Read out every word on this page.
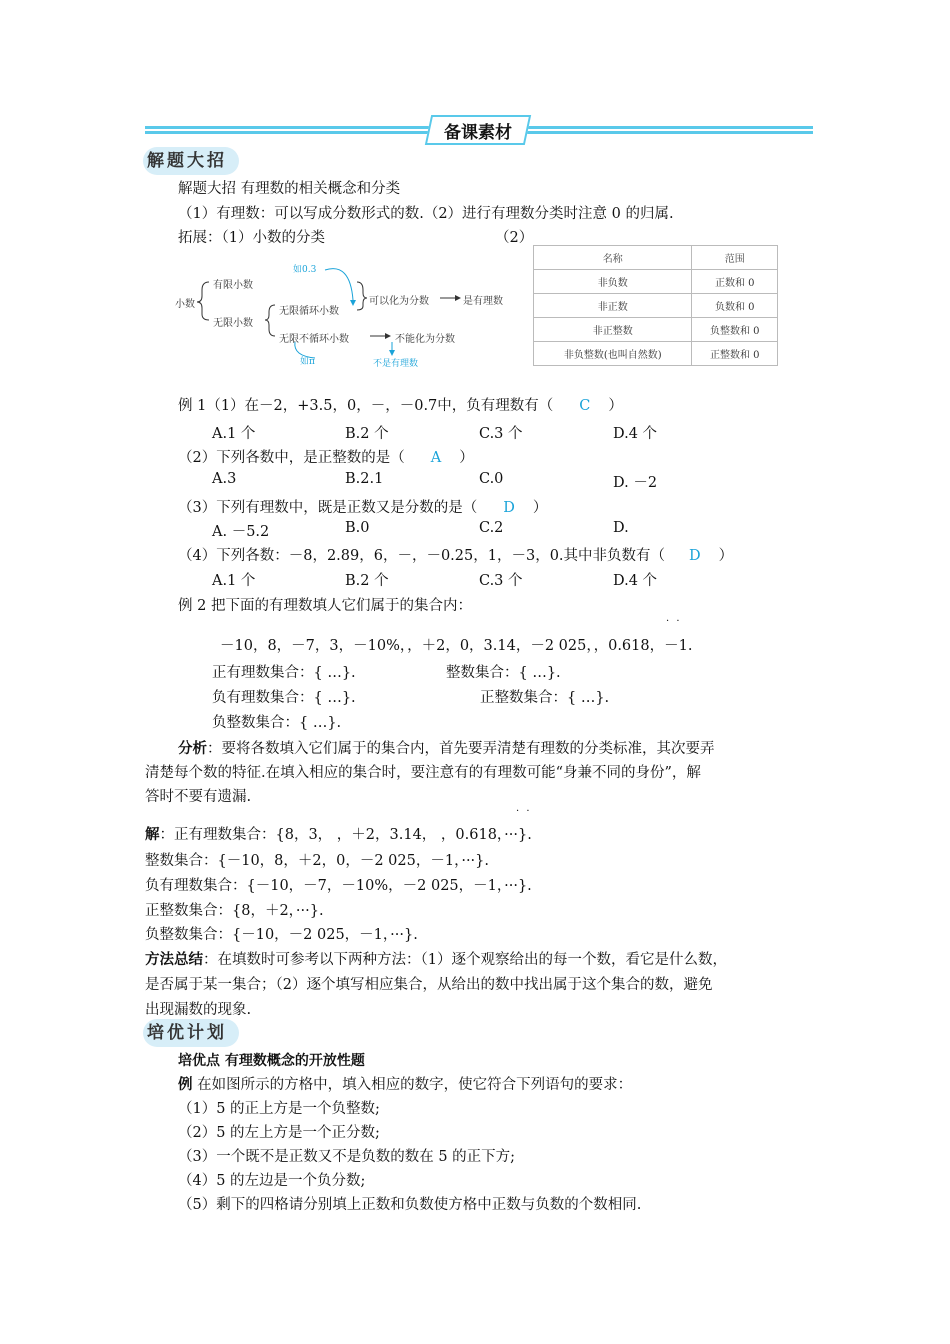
备课素材
解题大招
解题大招 有理数的相关概念和分类
（1）有理数：可以写成分数形式的数.（2）进行有理数分类时注意 0 的归属.
拓展：（1）小数的分类	（2）
小数
有限小数
无限小数
无限循环小数
无限不循环小数
可以化为分数	是有理数
不能化为分数
如0.3
如π	不是有理数
名称	范围
非负数	正数和 0
非正数	负数和 0
非正整数	负整数和 0
非负整数(也叫自然数)	正整数和 0
例 1（1）在－2，+3.5，0，－，－0.7中，负有理数有（ C ）
A.1 个	B.2 个	C.3 个	D.4 个
（2）下列各数中，是正整数的是（ A ）
A.3	B.2.1	C.0	D. －2
（3）下列有理数中，既是正数又是分数的是（ D ）
A. －5.2	B.0	C.2	D.
（4）下列各数：－8，2.89，6，－，－0.25，1，－3，0.其中非负数有（ D ）
A.1 个	B.2 个	C.3 个	D.4 个
例 2 把下面的有理数填人它们属于的集合内：
· ·
－10，8，－7，3，－10%，，＋2，0，3.14，－2 025，，0.618，－1.
正有理数集合：{ …}.	整数集合：{ …}.
负有理数集合：{ …}.	正整数集合：{ …}.
负整数集合：{ …}.
分析：要将各数填入它们属于的集合内，首先要弄清楚有理数的分类标准，其次要弄
清楚每个数的特征.在填入相应的集合时，要注意有的有理数可能“身兼不同的身份”，解
答时不要有遗漏.
· ·
解：正有理数集合：{8，3， ，＋2，3.14， ，0.618，···}.
整数集合：{－10，8，＋2，0，－2 025，－1，···}.
负有理数集合：{－10，－7，－10%，－2 025，－1，···}.
正整数集合：{8，＋2，···}.
负整数集合：{－10，－2 025，－1，···}.
方法总结：在填数时可参考以下两种方法：（1）逐个观察给出的每一个数，看它是什么数，
是否属于某一集合；（2）逐个填写相应集合，从给出的数中找出属于这个集合的数，避免
出现漏数的现象.
培优计划
培优点 有理数概念的开放性题
例 在如图所示的方格中，填入相应的数字，使它符合下列语句的要求：
（1）5 的正上方是一个负整数;
（2）5 的左上方是一个正分数;
（3）一个既不是正数又不是负数的数在 5 的正下方;
（4）5 的左边是一个负分数;
（5）剩下的四格请分别填上正数和负数使方格中正数与负数的个数相同.
